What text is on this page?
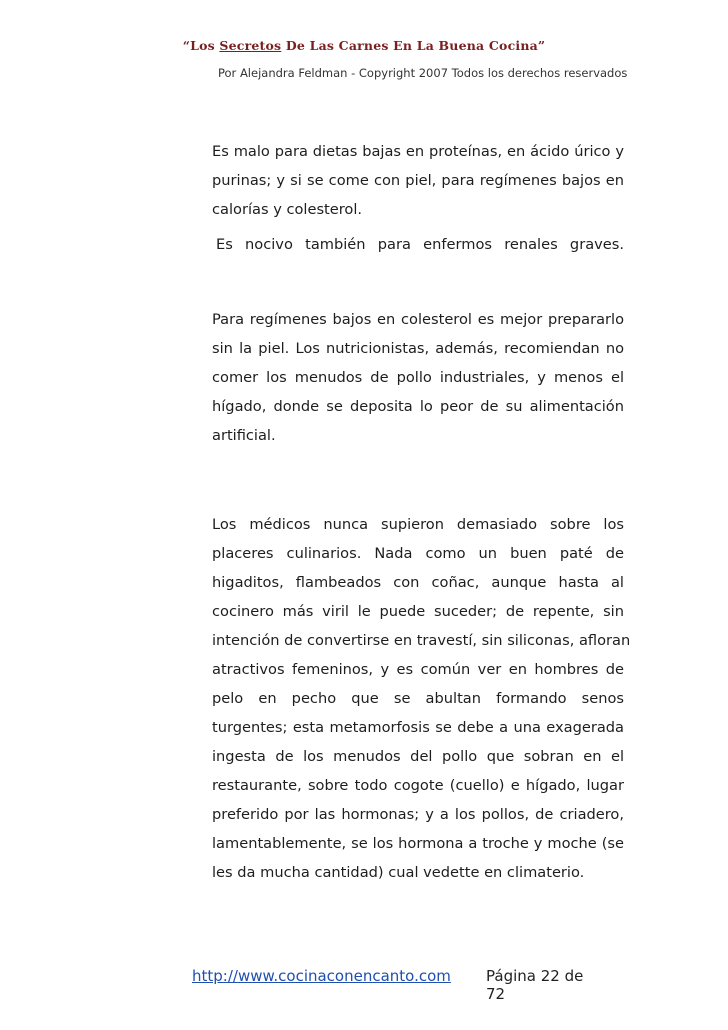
“Los Secretos De Las Carnes En La Buena Cocina”
Por Alejandra Feldman - Copyright 2007 Todos los derechos reservados
Es malo para dietas bajas en proteínas, en ácido úrico y
purinas; y si se come con piel, para regímenes bajos en
calorías y colesterol.
Es nocivo también para enfermos renales graves.
Para regímenes bajos en colesterol es mejor prepararlo
sin la piel. Los nutricionistas, además, recomiendan no
comer los menudos de pollo industriales, y menos el
hígado, donde se deposita lo peor de su alimentación
artificial.
Los médicos nunca supieron demasiado sobre los
placeres culinarios. Nada como un buen paté de
higaditos, flambeados con coñac, aunque hasta al
cocinero más viril le puede suceder; de repente, sin
intención de convertirse en travestí, sin siliconas, afloran
atractivos femeninos, y es común ver en hombres de
pelo en pecho que se abultan formando senos
turgentes; esta metamorfosis se debe a una exagerada
ingesta de los menudos del pollo que sobran en el
restaurante, sobre todo cogote (cuello) e hígado, lugar
preferido por las hormonas; y a los pollos, de criadero,
lamentablemente, se los hormona a troche y moche (se
les da mucha cantidad) cual vedette en climaterio.
http://www.cocinaconencanto.com Página 22 de 72
